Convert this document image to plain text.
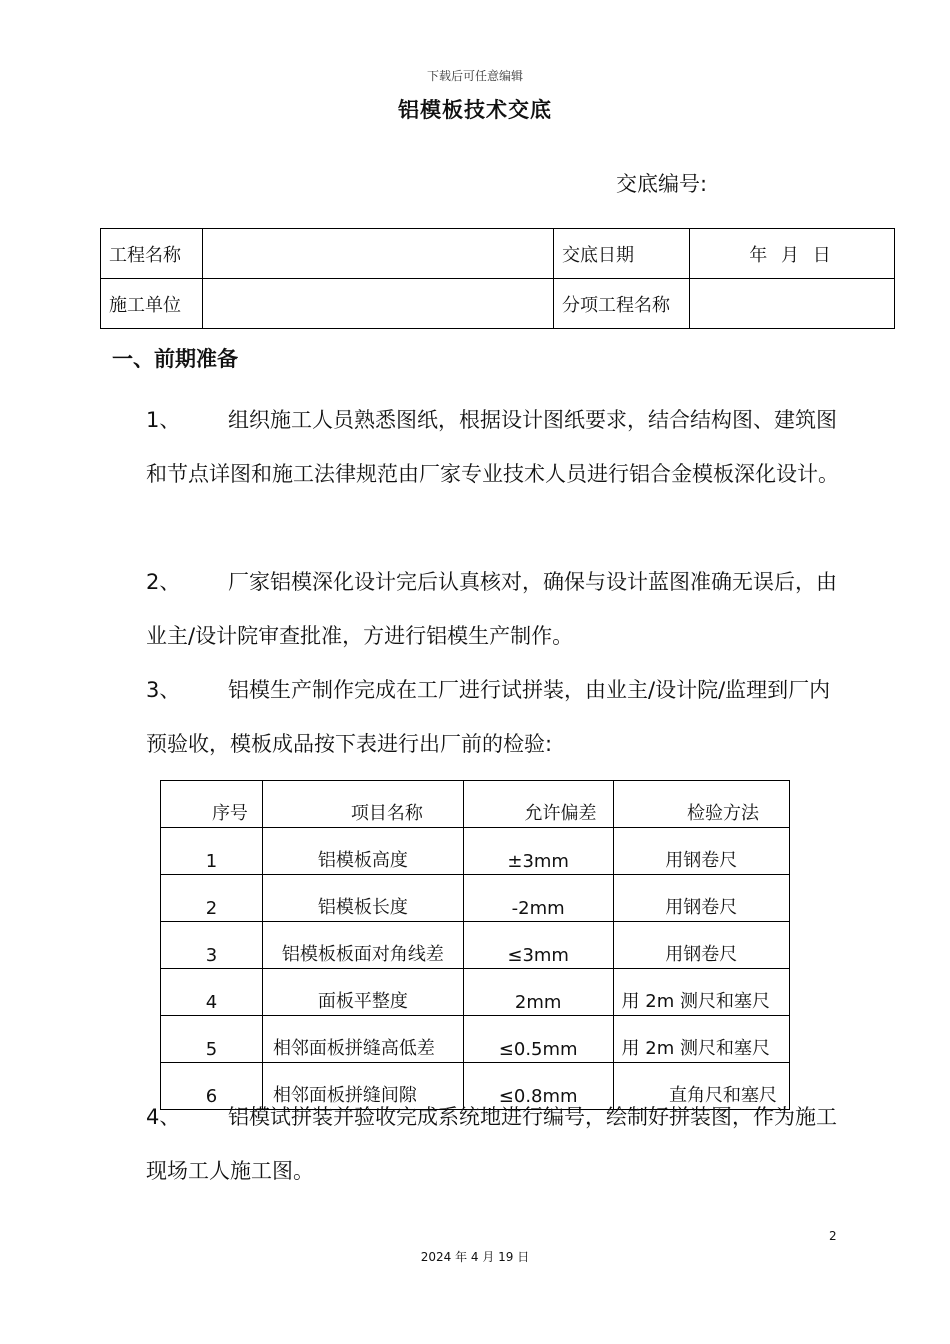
下载后可任意编辑
铝模板技术交底
交底编号:
工程名称		交底日期	年 月 日
施工单位		分项工程名称	
一、前期准备
1、 组织施工人员熟悉图纸，根据设计图纸要求，结合结构图、建筑图和节点详图和施工法律规范由厂家专业技术人员进行铝合金模板深化设计。
2、 厂家铝模深化设计完后认真核对，确保与设计蓝图准确无误后，由业主/设计院审查批准，方进行铝模生产制作。
3、 铝模生产制作完成在工厂进行试拼装，由业主/设计院/监理到厂内预验收，模板成品按下表进行出厂前的检验:
序号	项目名称	允许偏差	检验方法
1	铝模板高度	±3mm	用钢卷尺
2	铝模板长度	-2mm	用钢卷尺
3	铝模板板面对角线差	≤3mm	用钢卷尺
4	面板平整度	2mm	用 2m 测尺和塞尺
5	相邻面板拼缝高低差	≤0.5mm	用 2m 测尺和塞尺
6	相邻面板拼缝间隙	≤0.8mm	直角尺和塞尺
4、 铝模试拼装并验收完成系统地进行编号，绘制好拼装图，作为施工现场工人施工图。
2
2024 年 4 月 19 日
